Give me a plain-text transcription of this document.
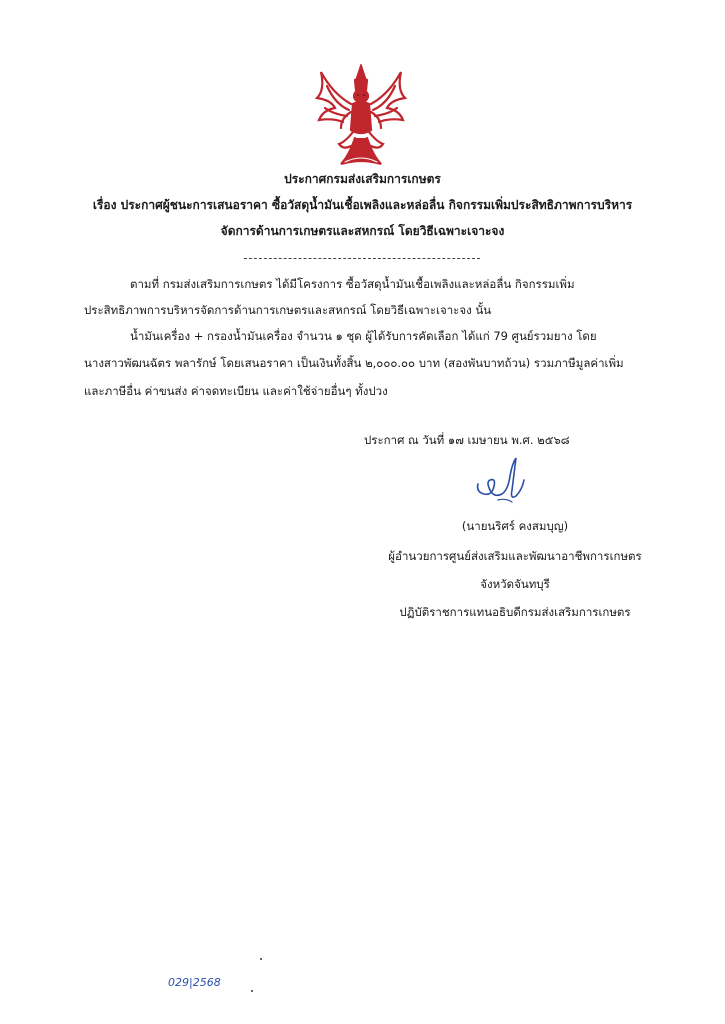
ประกาศกรมส่งเสริมการเกษตร
เรื่อง ประกาศผู้ชนะการเสนอราคา ซื้อวัสดุน้ำมันเชื้อเพลิงและหล่อลื่น กิจกรรมเพิ่มประสิทธิภาพการบริหาร
จัดการด้านการเกษตรและสหกรณ์ โดยวิธีเฉพาะเจาะจง
ตามที่ กรมส่งเสริมการเกษตร ได้มีโครงการ ซื้อวัสดุน้ำมันเชื้อเพลิงและหล่อลื่น กิจกรรมเพิ่ม
ประสิทธิภาพการบริหารจัดการด้านการเกษตรและสหกรณ์ โดยวิธีเฉพาะเจาะจง นั้น
น้ำมันเครื่อง + กรองน้ำมันเครื่อง จำนวน ๑ ชุด ผู้ได้รับการคัดเลือก ได้แก่ 79 ศูนย์รวมยาง โดย
นางสาวพัฒนฉัตร พลารักษ์ โดยเสนอราคา เป็นเงินทั้งสิ้น ๒,๐๐๐.๐๐ บาท (สองพันบาทถ้วน) รวมภาษีมูลค่าเพิ่ม
และภาษีอื่น ค่าขนส่ง ค่าจดทะเบียน และค่าใช้จ่ายอื่นๆ ทั้งปวง
ประกาศ ณ วันที่ ๑๗ เมษายน พ.ศ. ๒๕๖๘
(นายนริศร์ คงสมบุญ)
ผู้อำนวยการศูนย์ส่งเสริมและพัฒนาอาชีพการเกษตร
จังหวัดจันทบุรี
ปฏิบัติราชการแทนอธิบดีกรมส่งเสริมการเกษตร
029|2568
